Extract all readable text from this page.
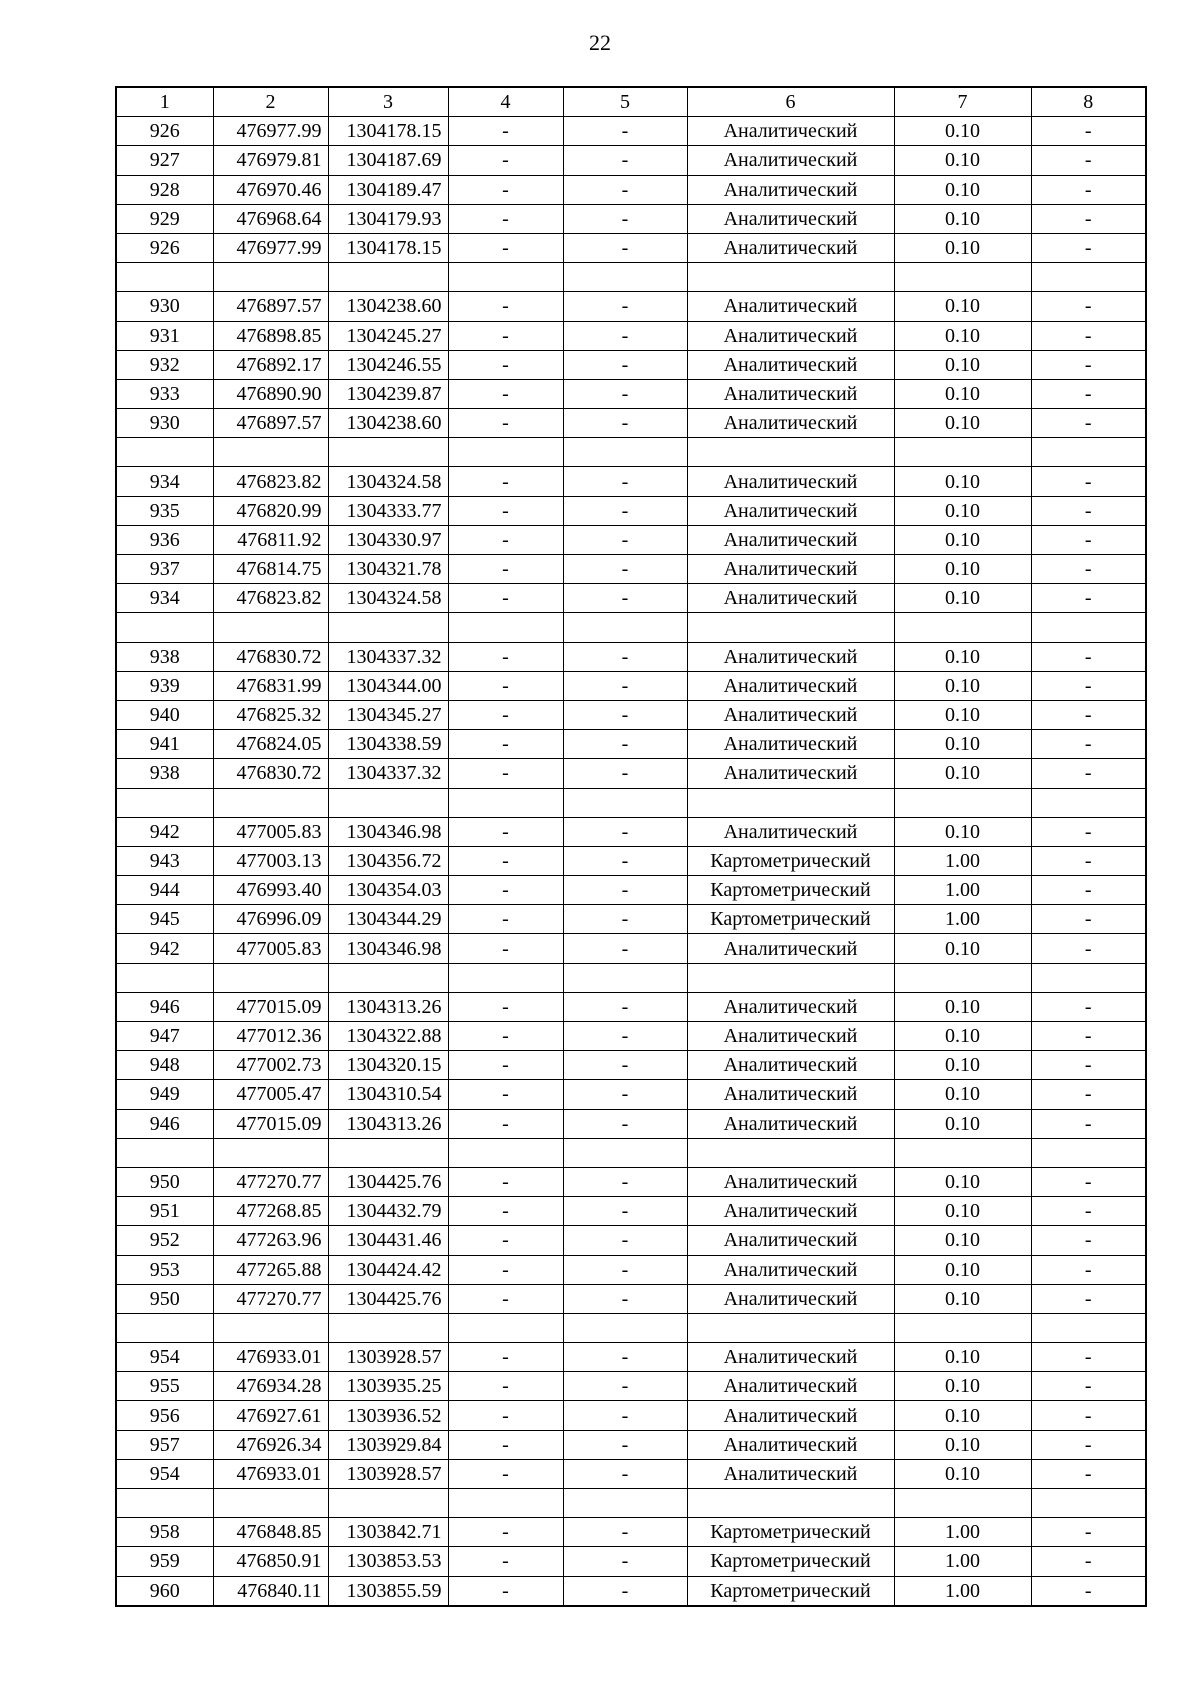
22
1	2	3	4	5	6	7	8
926	476977.99	1304178.15	-	-	Аналитический	0.10	-
927	476979.81	1304187.69	-	-	Аналитический	0.10	-
928	476970.46	1304189.47	-	-	Аналитический	0.10	-
929	476968.64	1304179.93	-	-	Аналитический	0.10	-
926	476977.99	1304178.15	-	-	Аналитический	0.10	-

930	476897.57	1304238.60	-	-	Аналитический	0.10	-
931	476898.85	1304245.27	-	-	Аналитический	0.10	-
932	476892.17	1304246.55	-	-	Аналитический	0.10	-
933	476890.90	1304239.87	-	-	Аналитический	0.10	-
930	476897.57	1304238.60	-	-	Аналитический	0.10	-

934	476823.82	1304324.58	-	-	Аналитический	0.10	-
935	476820.99	1304333.77	-	-	Аналитический	0.10	-
936	476811.92	1304330.97	-	-	Аналитический	0.10	-
937	476814.75	1304321.78	-	-	Аналитический	0.10	-
934	476823.82	1304324.58	-	-	Аналитический	0.10	-

938	476830.72	1304337.32	-	-	Аналитический	0.10	-
939	476831.99	1304344.00	-	-	Аналитический	0.10	-
940	476825.32	1304345.27	-	-	Аналитический	0.10	-
941	476824.05	1304338.59	-	-	Аналитический	0.10	-
938	476830.72	1304337.32	-	-	Аналитический	0.10	-

942	477005.83	1304346.98	-	-	Аналитический	0.10	-
943	477003.13	1304356.72	-	-	Картометрический	1.00	-
944	476993.40	1304354.03	-	-	Картометрический	1.00	-
945	476996.09	1304344.29	-	-	Картометрический	1.00	-
942	477005.83	1304346.98	-	-	Аналитический	0.10	-

946	477015.09	1304313.26	-	-	Аналитический	0.10	-
947	477012.36	1304322.88	-	-	Аналитический	0.10	-
948	477002.73	1304320.15	-	-	Аналитический	0.10	-
949	477005.47	1304310.54	-	-	Аналитический	0.10	-
946	477015.09	1304313.26	-	-	Аналитический	0.10	-

950	477270.77	1304425.76	-	-	Аналитический	0.10	-
951	477268.85	1304432.79	-	-	Аналитический	0.10	-
952	477263.96	1304431.46	-	-	Аналитический	0.10	-
953	477265.88	1304424.42	-	-	Аналитический	0.10	-
950	477270.77	1304425.76	-	-	Аналитический	0.10	-

954	476933.01	1303928.57	-	-	Аналитический	0.10	-
955	476934.28	1303935.25	-	-	Аналитический	0.10	-
956	476927.61	1303936.52	-	-	Аналитический	0.10	-
957	476926.34	1303929.84	-	-	Аналитический	0.10	-
954	476933.01	1303928.57	-	-	Аналитический	0.10	-

958	476848.85	1303842.71	-	-	Картометрический	1.00	-
959	476850.91	1303853.53	-	-	Картометрический	1.00	-
960	476840.11	1303855.59	-	-	Картометрический	1.00	-
